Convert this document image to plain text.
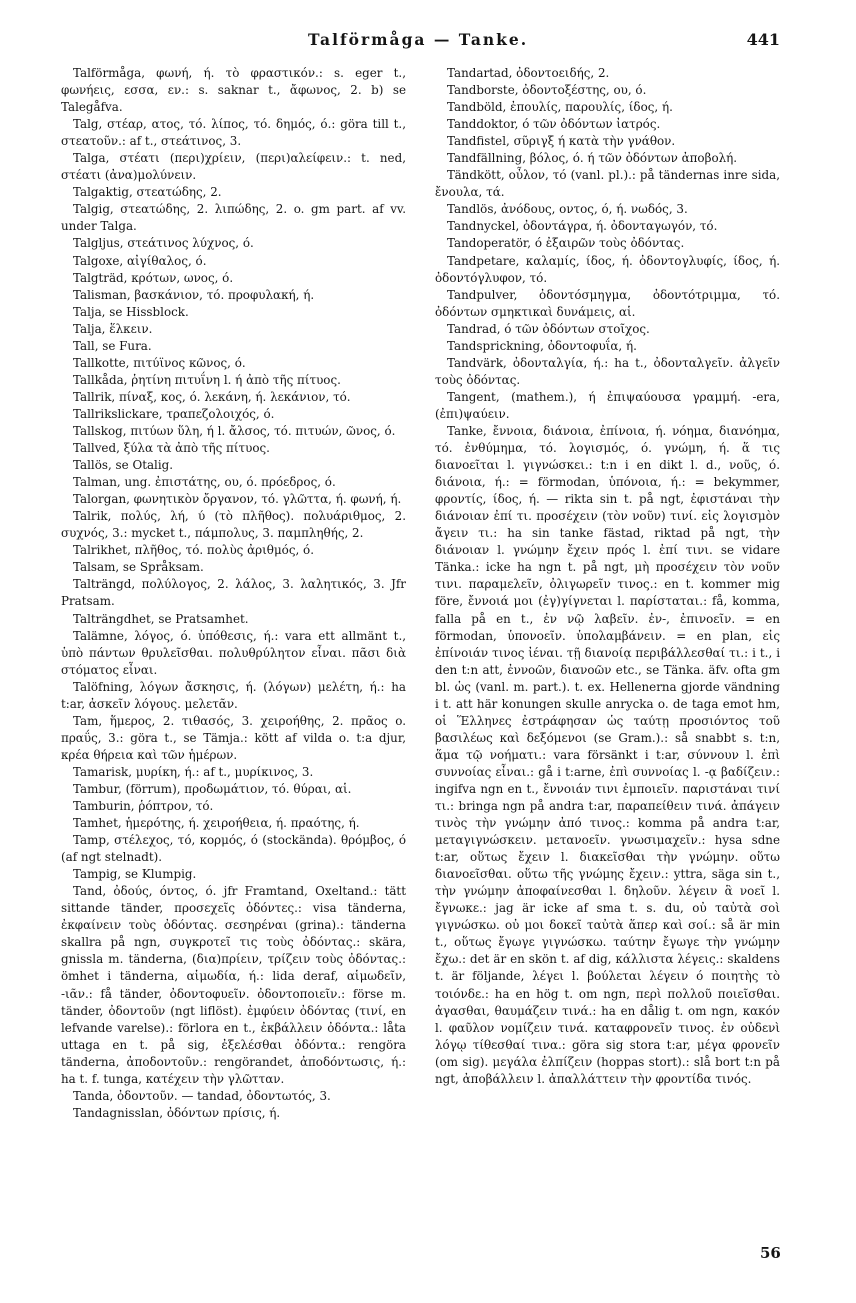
Talförmåga — Tanke.	441

Talförmåga, φωνή, ή. τὸ φραστικόν.: s. eger t., φωνήεις, εσσα, εν.: s. saknar t., ἄφωνος, 2. b) se Talegåfva.

Talg, στέαρ, ατος, τό. λίπος, τό. δημός, ό.: göra till t., στεατοῦν.: af t., στεάτινος, 3.

Talga, στέατι (περι)χρίειν, (περι)αλείφειν.: t. ned, στέατι (ἀνα)μολύνειν.

Talgaktig, στεατώδης, 2.

Talgig, στεατώδης, 2. λιπώδης, 2. o. gm part. af vv. under Talga.

Talgljus, στεάτινος λύχνος, ό.

Talgoxe, αἰγίθαλος, ό.

Talgträd, κρότων, ωνος, ό.

Talisman, βασκάνιον, τό. προφυλακή, ή.

Talja, se Hissblock.

Talja, ἕλκειν.

Tall, se Fura.

Tallkotte, πιτύϊνος κῶνος, ό.

Tallkåda, ῥητίνη πιτυΐνη l. ή ἀπὸ τῆς πίτυος.

Tallrik, πίναξ, κος, ό. λεκάνη, ή. λεκάνιον, τό.

Tallrikslickare, τραπεζολοιχός, ό.

Tallskog, πιτύων ὕλη, ή l. ἄλσος, τό. πιτυών, ῶνος, ό.

Tallved, ξύλα τὰ ἀπὸ τῆς πίτυος.

Tallös, se Otalig.

Talman, ung. ἐπιστάτης, ου, ό. πρόεδρος, ό.

Talorgan, φωνητικὸν ὄργανον, τό. γλῶττα, ή. φωνή, ή.

Talrik, πολύς, λή, ύ (τὸ πλῆθος). πολυάριθμος, 2. συχνός, 3.: mycket t., πάμπολυς, 3. παμπληθής, 2.

Talrikhet, πλῆθος, τό. πολὺς ἀριθμός, ό.

Talsam, se Språksam.

Talträngd, πολύλογος, 2. λάλος, 3. λαλητικός, 3. Jfr Pratsam.

Talträngdhet, se Pratsamhet.

Talämne, λόγος, ό. ὑπόθεσις, ή.: vara ett allmänt t., ὑπὸ πάντων θρυλεῖσθαι. πολυθρύλητον εἶναι. πᾶσι διὰ στόματος εἶναι.

Talöfning, λόγων ἄσκησις, ή. (λόγων) μελέτη, ή.: ha t:ar, ἀσκεῖν λόγους. μελετᾶν.

Tam, ἥμερος, 2. τιθασός, 3. χειροήθης, 2. πρᾶος o. πραΰς, 3.: göra t., se Tämja.: kött af vilda o. t:a djur, κρέα θήρεια καὶ τῶν ἡμέρων.

Tamarisk, μυρίκη, ή.: af t., μυρίκινος, 3.

Tambur, (förrum), προδωμάτιον, τό. θύραι, αἱ.

Tamburin, ῥόπτρον, τό.

Tamhet, ἡμερότης, ή. χειροήθεια, ή. πραότης, ή.

Tamp, στέλεχος, τό, κορμός, ό (stockända). θρόμβος, ό (af ngt stelnadt).

Tampig, se Klumpig.

Tand, ὀδούς, όντος, ό. jfr Framtand, Oxeltand.: tätt sittande tänder, προσεχεῖς ὀδόντες.: visa tänderna, ἐκφαίνειν τοὺς ὀδόντας. σεσηρέναι (grina).: tänderna skallra på ngn, συγκροτεῖ τις τοὺς ὀδόντας.: skära, gnissla m. tänderna, (δια)πρίειν, τρίζειν τοὺς ὀδόντας.: ömhet i tänderna, αἱμωδία, ή.: lida deraf, αἱμωδεῖν, -ιᾶν.: få tänder, ὀδοντοφυεῖν. ὀδοντοποιεῖν.: förse m. tänder, ὀδοντοῦν (ngt liflöst). ἐμφύειν ὀδόντας (τινί, en lefvande varelse).: förlora en t., ἐκβάλλειν ὀδόντα.: låta uttaga en t. på sig, ἐξελέσθαι ὀδόντα.: rengöra tänderna, ἀποδοντοῦν.: rengörandet, ἀποδόντωσις, ή.: ha t. f. tunga, κατέχειν τὴν γλῶτταν.

Tanda, ὀδοντοῦν. — tandad, ὀδοντωτός, 3.

Tandagnisslan, ὀδόντων πρίσις, ή.

Tandartad, ὀδοντοειδής, 2.

Tandborste, ὀδοντοξέστης, ου, ό.

Tandböld, ἐπουλίς, παρουλίς, ίδος, ή.

Tanddoktor, ό τῶν ὀδόντων ἰατρός.

Tandfistel, σῦριγξ ή κατὰ τὴν γνάθον.

Tandfällning, βόλος, ό. ή τῶν ὀδόντων ἀποβολή.

Tändkött, οὖλον, τό (vanl. pl.).: på tändernas inre sida, ἔνουλα, τά.

Tandlös, ἀνόδους, οντος, ό, ή. νωδός, 3.

Tandnyckel, ὀδοντάγρα, ή. ὀδονταγωγόν, τό.

Tandoperatör, ό ἐξαιρῶν τοὺς ὀδόντας.

Tandpetare, καλαμίς, ίδος, ή. ὀδοντογλυφίς, ίδος, ή. ὀδοντόγλυφον, τό.

Tandpulver, ὀδοντόσμηγμα, ὀδοντότριμμα, τό. ὀδόντων σμηκτικαὶ δυνάμεις, αἱ.

Tandrad, ό τῶν ὀδόντων στοῖχος.

Tandsprickning, ὀδοντοφυΐα, ή.

Tandvärk, ὀδονταλγία, ή.: ha t., ὀδονταλγεῖν. ἀλγεῖν τοὺς ὀδόντας.

Tangent, (mathem.), ή ἐπιψαύουσα γραμμή. -era, (ἐπι)ψαύειν.

Tanke, ἔννοια, διάνοια, ἐπίνοια, ή. νόημα, διανόημα, τό. ἐνθύμημα, τό. λογισμός, ό. γνώμη, ή. ἅ τις διανοεῖται l. γιγνώσκει.: t:n i en dikt l. d., νοῦς, ό. διάνοια, ή.: = förmodan, ὑπόνοια, ή.: = bekymmer, φροντίς, ίδος, ή. — rikta sin t. på ngt, ἐφιστάναι τὴν διάνοιαν ἐπί τι. προσέχειν (τὸν νοῦν) τινί. εἰς λογισμὸν ἄγειν τι.: ha sin tanke fästad, riktad på ngt, τὴν διάνοιαν l. γνώμην ἔχειν πρός l. ἐπί τινι. se vidare Tänka.: icke ha ngn t. på ngt, μὴ προσέχειν τὸν νοῦν τινι. παραμελεῖν, ὀλιγωρεῖν τινος.: en t. kommer mig före, ἔννοιά μοι (ἐγ)γίγνεται l. παρίσταται.: få, komma, falla på en t., ἐν νῷ λαβεῖν. ἐν-, ἐπινοεῖν. = en förmodan, ὑπονοεῖν. ὑπολαμβάνειν. = en plan, εἰς ἐπίνοιάν τινος ἰέναι. τῇ διανοίᾳ περιβάλλεσθαί τι.: i t., i den t:n att, ἐννοῶν, διανοῶν etc., se Tänka. äfv. ofta gm bl. ὡς (vanl. m. part.). t. ex. Hellenerna gjorde vändning i t. att här konungen skulle anrycka o. de taga emot hm, οἱ Ἕλληνες ἐστράφησαν ὡς ταύτῃ προσιόντος τοῦ βασιλέως καὶ δεξόμενοι (se Gram.).: så snabbt s. t:n, ἅμα τῷ νοήματι.: vara försänkt i t:ar, σύννουν l. ἐπὶ συννοίας εἶναι.: gå i t:arne, ἐπὶ συννοίας l. -ᾳ βαδίζειν.: ingifva ngn en t., ἔννοιάν τινι ἐμποιεῖν. παριστάναι τινί τι.: bringa ngn på andra t:ar, παραπείθειν τινά. ἀπάγειν τινὸς τὴν γνώμην ἀπό τινος.: komma på andra t:ar, μεταγιγνώσκειν. μετανοεῖν. γνωσιμαχεῖν.: hysa sdne t:ar, οὕτως ἔχειν l. διακεῖσθαι τὴν γνώμην. οὕτω διανοεῖσθαι. οὕτω τῆς γνώμης ἔχειν.: yttra, säga sin t., τὴν γνώμην ἀποφαίνεσθαι l. δηλοῦν. λέγειν ἃ νοεῖ l. ἔγνωκε.: jag är icke af sma t. s. du, οὐ ταὐτὰ σοὶ γιγνώσκω. οὐ μοι δοκεῖ ταὐτὰ ἅπερ καὶ σοί.: så är min t., οὕτως ἔγωγε γιγνώσκω. ταύτην ἔγωγε τὴν γνώμην ἔχω.: det är en skön t. af dig, κάλλιστα λέγεις.: skaldens t. är följande, λέγει l. βούλεται λέγειν ό ποιητὴς τὸ τοιόνδε.: ha en hög t. om ngn, περὶ πολλοῦ ποιεῖσθαι. ἀγασθαι, θαυμάζειν τινά.: ha en dålig t. om ngn, κακόν l. φαῦλον νομίζειν τινά. καταφρονεῖν τινος. ἐν οὐδενὶ λόγῳ τίθεσθαί τινα.: göra sig stora t:ar, μέγα φρονεῖν (om sig). μεγάλα ἐλπίζειν (hoppas stort).: slå bort t:n på ngt, ἀποβάλλειν l. ἀπαλλάττειν τὴν φροντίδα τινός.

56
